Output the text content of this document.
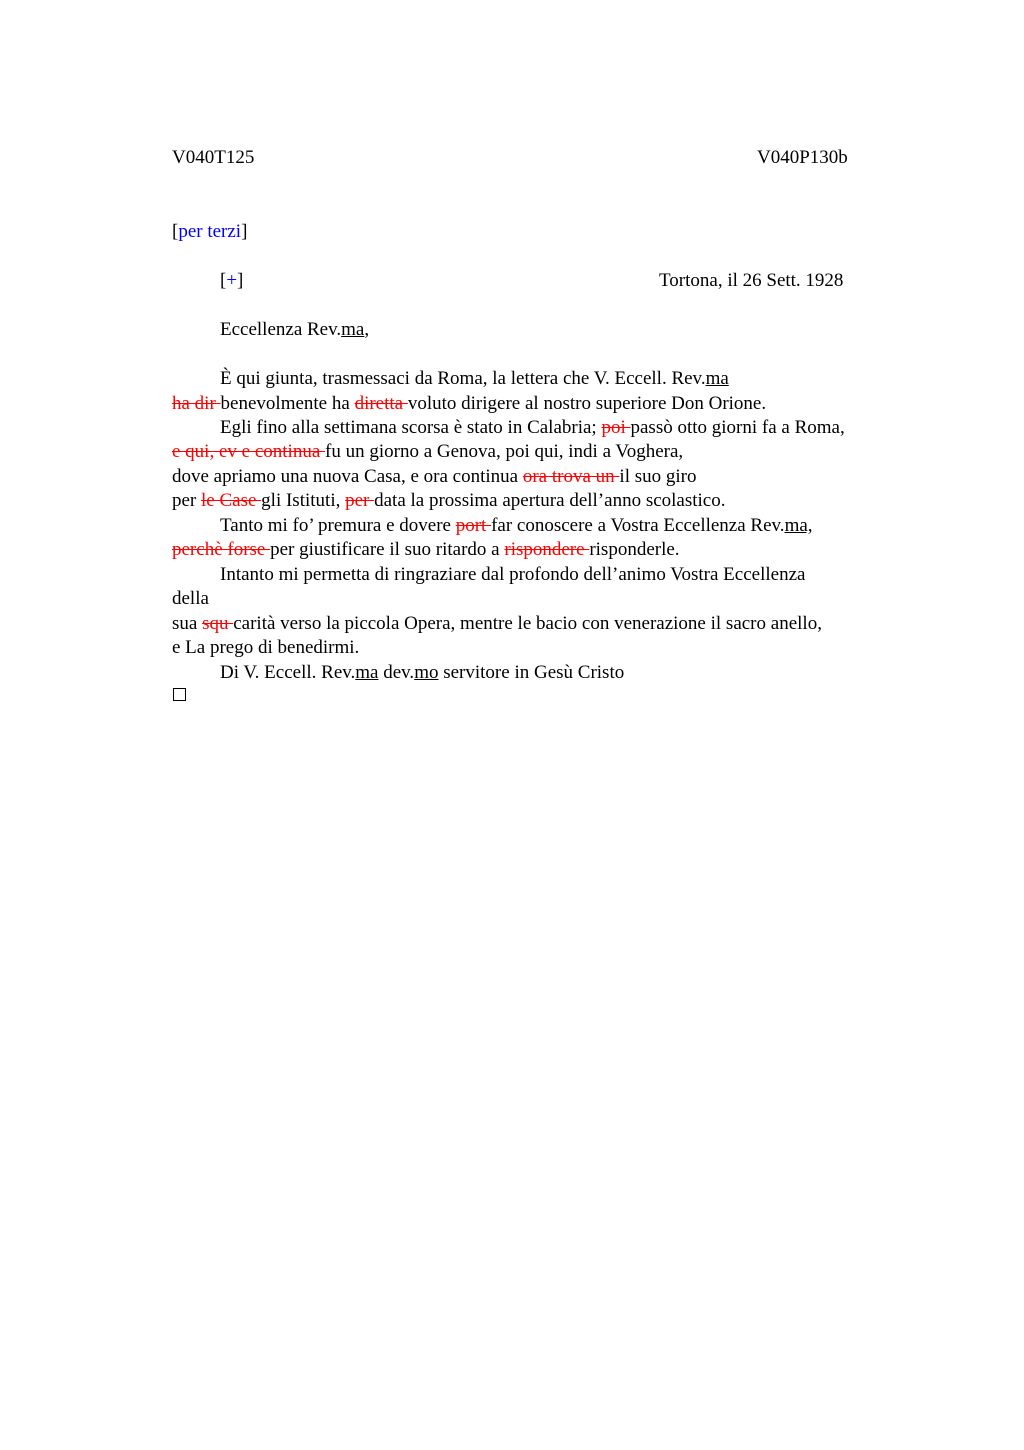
V040T125	V040P130b
[per terzi]
[+]	Tortona, il 26 Sett. 1928
Eccellenza Rev.ma,
È qui giunta, trasmessaci da Roma, la lettera che V. Eccell. Rev.ma
ha dir benevolmente ha diretta voluto dirigere al nostro superiore Don Orione.
Egli fino alla settimana scorsa è stato in Calabria; poi passò otto giorni fa a Roma,
e qui, ev e continua fu un giorno a Genova, poi qui, indi a Voghera,
dove apriamo una nuova Casa, e ora continua ora trova un il suo giro
per le Case gli Istituti, per data la prossima apertura dell’anno scolastico.
Tanto mi fo’ premura e dovere port far conoscere a Vostra Eccellenza Rev.ma,
perchè forse per giustificare il suo ritardo a rispondere risponderle.
Intanto mi permetta di ringraziare dal profondo dell’animo Vostra Eccellenza
della
sua squ carità verso la piccola Opera, mentre le bacio con venerazione il sacro anello,
e La prego di benedirmi.
Di V. Eccell. Rev.ma dev.mo servitore in Gesù Cristo
